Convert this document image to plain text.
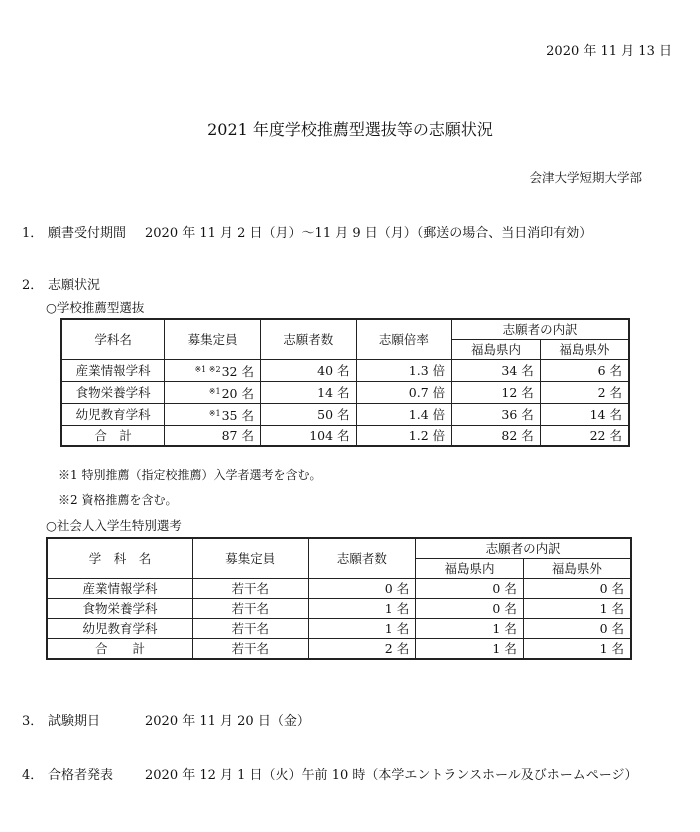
2020 年 11 月 13 日
2021 年度学校推薦型選抜等の志願状況
会津大学短期大学部
1． 願書受付期間 2020 年 11 月 2 日（月）～11 月 9 日（月）（郵送の場合、当日消印有効）
2． 志願状況
○学校推薦型選抜
学科名	募集定員	志願者数	志願倍率	志願者の内訳	
				福島県内	福島県外
産業情報学科	$^{※1 ※2}$32 名	40 名	1.3 倍	34 名	6 名
食物栄養学科	$^{※1}$20 名	14 名	0.7 倍	12 名	2 名
幼児教育学科	$^{※1}$35 名	50 名	1.4 倍	36 名	14 名
合　計	87 名	104 名	1.2 倍	82 名	22 名
※1 特別推薦（指定校推薦）入学者選考を含む。
※2 資格推薦を含む。
○社会人入学生特別選考
学　科　名	募集定員	志願者数	志願者の内訳	
			福島県内	福島県外
産業情報学科	若干名	0 名	0 名	0 名
食物栄養学科	若干名	1 名	0 名	1 名
幼児教育学科	若干名	1 名	1 名	0 名
合　　計	若干名	2 名	1 名	1 名
3． 試験期日	2020 年 11 月 20 日（金）
4． 合格者発表 2020 年 12 月 1 日（火）午前 10 時（本学エントランスホール及びホームページ）
